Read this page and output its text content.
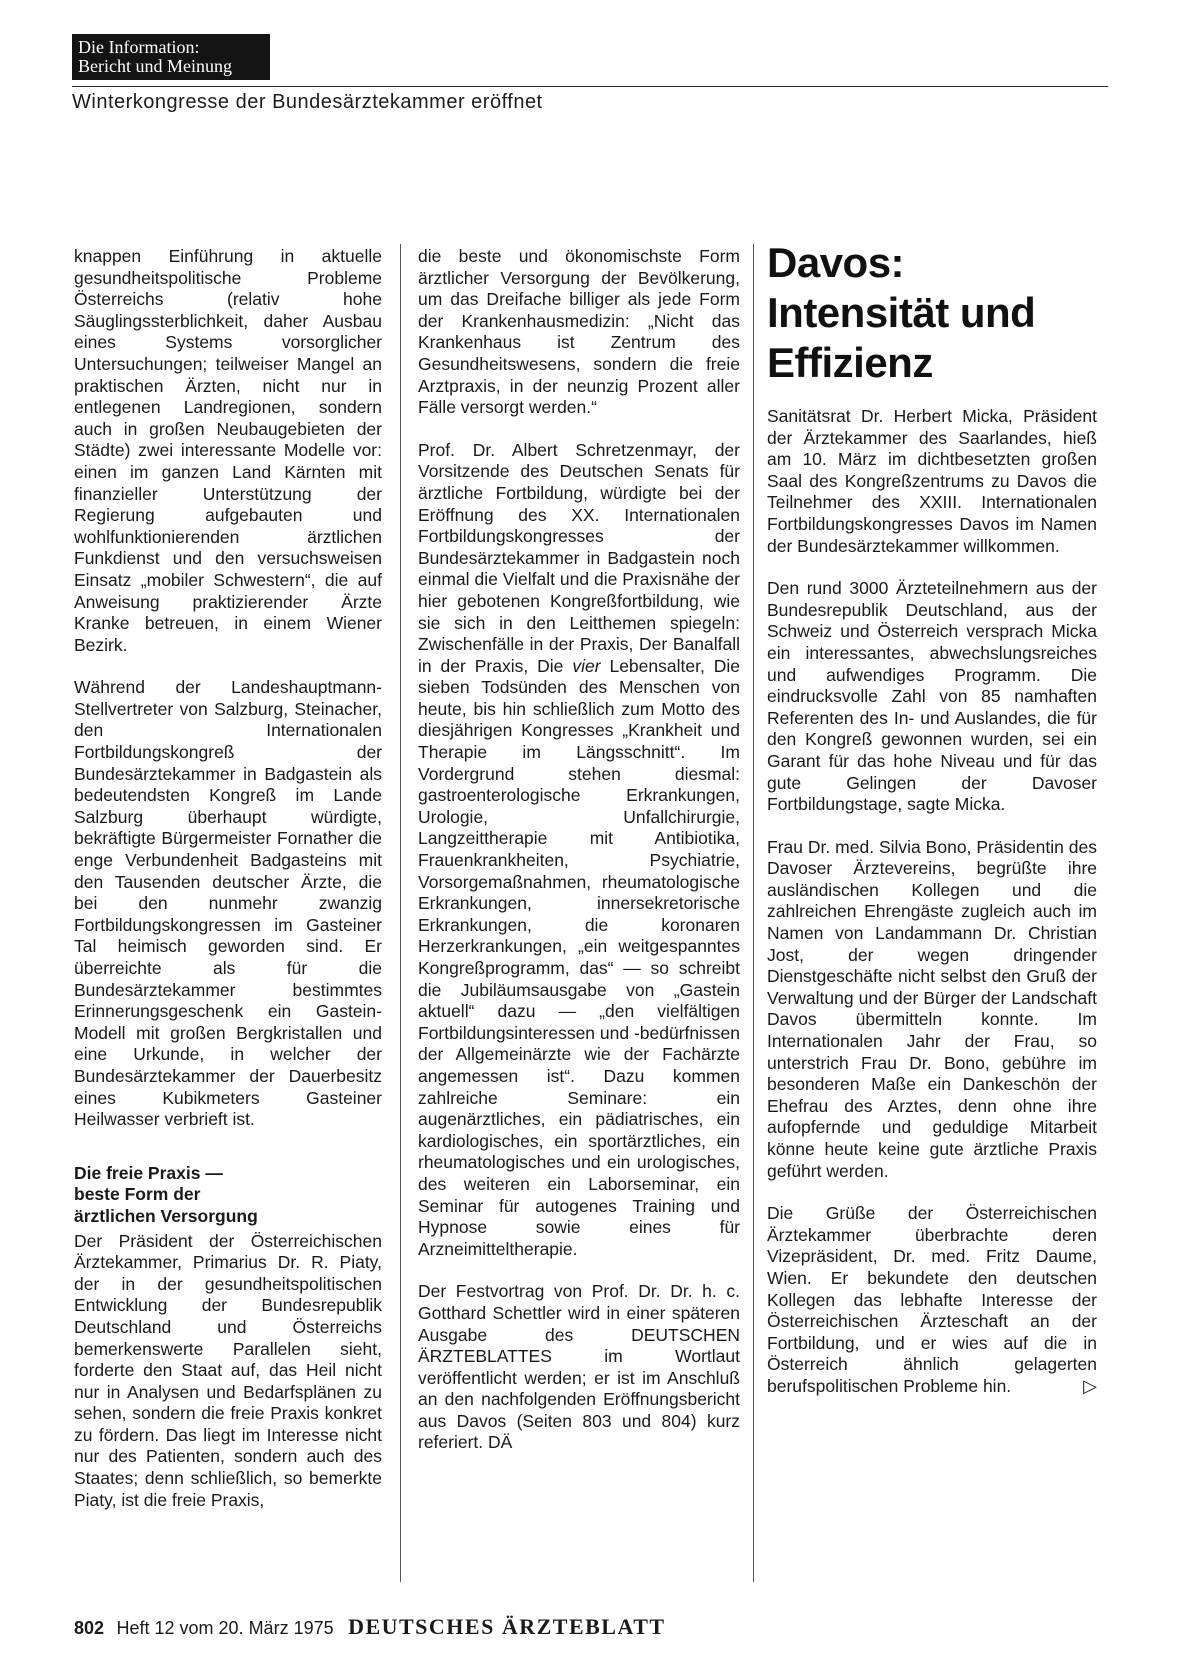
Die Information:
Bericht und Meinung
Winterkongresse der Bundesärztekammer eröffnet

knappen Einführung in aktuelle gesundheitspolitische Probleme Österreichs (relativ hohe Säuglingssterblichkeit, daher Ausbau eines Systems vorsorglicher Untersuchungen; teilweiser Mangel an praktischen Ärzten, nicht nur in entlegenen Landregionen, sondern auch in großen Neubaugebieten der Städte) zwei interessante Modelle vor: einen im ganzen Land Kärnten mit finanzieller Unterstützung der Regierung aufgebauten und wohlfunktionierenden ärztlichen Funkdienst und den versuchsweisen Einsatz „mobiler Schwestern“, die auf Anweisung praktizierender Ärzte Kranke betreuen, in einem Wiener Bezirk.

Während der Landeshauptmann-Stellvertreter von Salzburg, Steinacher, den Internationalen Fortbildungskongreß der Bundesärztekammer in Badgastein als bedeutendsten Kongreß im Lande Salzburg überhaupt würdigte, bekräftigte Bürgermeister Fornather die enge Verbundenheit Badgasteins mit den Tausenden deutscher Ärzte, die bei den nunmehr zwanzig Fortbildungskongressen im Gasteiner Tal heimisch geworden sind. Er überreichte als für die Bundesärztekammer bestimmtes Erinnerungsgeschenk ein Gastein-Modell mit großen Bergkristallen und eine Urkunde, in welcher der Bundesärztekammer der Dauerbesitz eines Kubikmeters Gasteiner Heilwasser verbrieft ist.

Die freie Praxis —
beste Form der
ärztlichen Versorgung

Der Präsident der Österreichischen Ärztekammer, Primarius Dr. R. Piaty, der in der gesundheitspolitischen Entwicklung der Bundesrepublik Deutschland und Österreichs bemerkenswerte Parallelen sieht, forderte den Staat auf, das Heil nicht nur in Analysen und Bedarfsplänen zu sehen, sondern die freie Praxis konkret zu fördern. Das liegt im Interesse nicht nur des Patienten, sondern auch des Staates; denn schließlich, so bemerkte Piaty, ist die freie Praxis,

die beste und ökonomischste Form ärztlicher Versorgung der Bevölkerung, um das Dreifache billiger als jede Form der Krankenhausmedizin: „Nicht das Krankenhaus ist Zentrum des Gesundheitswesens, sondern die freie Arztpraxis, in der neunzig Prozent aller Fälle versorgt werden.“

Prof. Dr. Albert Schretzenmayr, der Vorsitzende des Deutschen Senats für ärztliche Fortbildung, würdigte bei der Eröffnung des XX. Internationalen Fortbildungskongresses der Bundesärztekammer in Badgastein noch einmal die Vielfalt und die Praxisnähe der hier gebotenen Kongreßfortbildung, wie sie sich in den Leitthemen spiegeln: Zwischenfälle in der Praxis, Der Banalfall in der Praxis, Die vier Lebensalter, Die sieben Todsünden des Menschen von heute, bis hin schließlich zum Motto des diesjährigen Kongresses „Krankheit und Therapie im Längsschnitt“. Im Vordergrund stehen diesmal: gastroenterologische Erkrankungen, Urologie, Unfallchirurgie, Langzeittherapie mit Antibiotika, Frauenkrankheiten, Psychiatrie, Vorsorgemaßnahmen, rheumatologische Erkrankungen, innersekretorische Erkrankungen, die koronaren Herzerkrankungen, „ein weitgespanntes Kongreßprogramm, das“ — so schreibt die Jubiläumsausgabe von „Gastein aktuell“ dazu — „den vielfältigen Fortbildungsinteressen und -bedürfnissen der Allgemeinärzte wie der Fachärzte angemessen ist“. Dazu kommen zahlreiche Seminare: ein augenärztliches, ein pädiatrisches, ein kardiologisches, ein sportärztliches, ein rheumatologisches und ein urologisches, des weiteren ein Laborseminar, ein Seminar für autogenes Training und Hypnose sowie eines für Arzneimitteltherapie.

Der Festvortrag von Prof. Dr. Dr. h. c. Gotthard Schettler wird in einer späteren Ausgabe des DEUTSCHEN ÄRZTEBLATTES im Wortlaut veröffentlicht werden; er ist im Anschluß an den nachfolgenden Eröffnungsbericht aus Davos (Seiten 803 und 804) kurz referiert. DÄ

Davos:
Intensität und
Effizienz

Sanitätsrat Dr. Herbert Micka, Präsident der Ärztekammer des Saarlandes, hieß am 10. März im dichtbesetzten großen Saal des Kongreßzentrums zu Davos die Teilnehmer des XXIII. Internationalen Fortbildungskongresses Davos im Namen der Bundesärztekammer willkommen.

Den rund 3000 Ärzteteilnehmern aus der Bundesrepublik Deutschland, aus der Schweiz und Österreich versprach Micka ein interessantes, abwechslungsreiches und aufwendiges Programm. Die eindrucksvolle Zahl von 85 namhaften Referenten des In- und Auslandes, die für den Kongreß gewonnen wurden, sei ein Garant für das hohe Niveau und für das gute Gelingen der Davoser Fortbildungstage, sagte Micka.

Frau Dr. med. Silvia Bono, Präsidentin des Davoser Ärztevereins, begrüßte ihre ausländischen Kollegen und die zahlreichen Ehrengäste zugleich auch im Namen von Landammann Dr. Christian Jost, der wegen dringender Dienstgeschäfte nicht selbst den Gruß der Verwaltung und der Bürger der Landschaft Davos übermitteln konnte. Im Internationalen Jahr der Frau, so unterstrich Frau Dr. Bono, gebühre im besonderen Maße ein Dankeschön der Ehefrau des Arztes, denn ohne ihre aufopfernde und geduldige Mitarbeit könne heute keine gute ärztliche Praxis geführt werden.

Die Grüße der Österreichischen Ärztekammer überbrachte deren Vizepräsident, Dr. med. Fritz Daume, Wien. Er bekundete den deutschen Kollegen das lebhafte Interesse der Österreichischen Ärzteschaft an der Fortbildung, und er wies auf die in Österreich ähnlich gelagerten berufspolitischen Probleme hin.	▷

802 Heft 12 vom 20. März 1975 DEUTSCHES ÄRZTEBLATT
